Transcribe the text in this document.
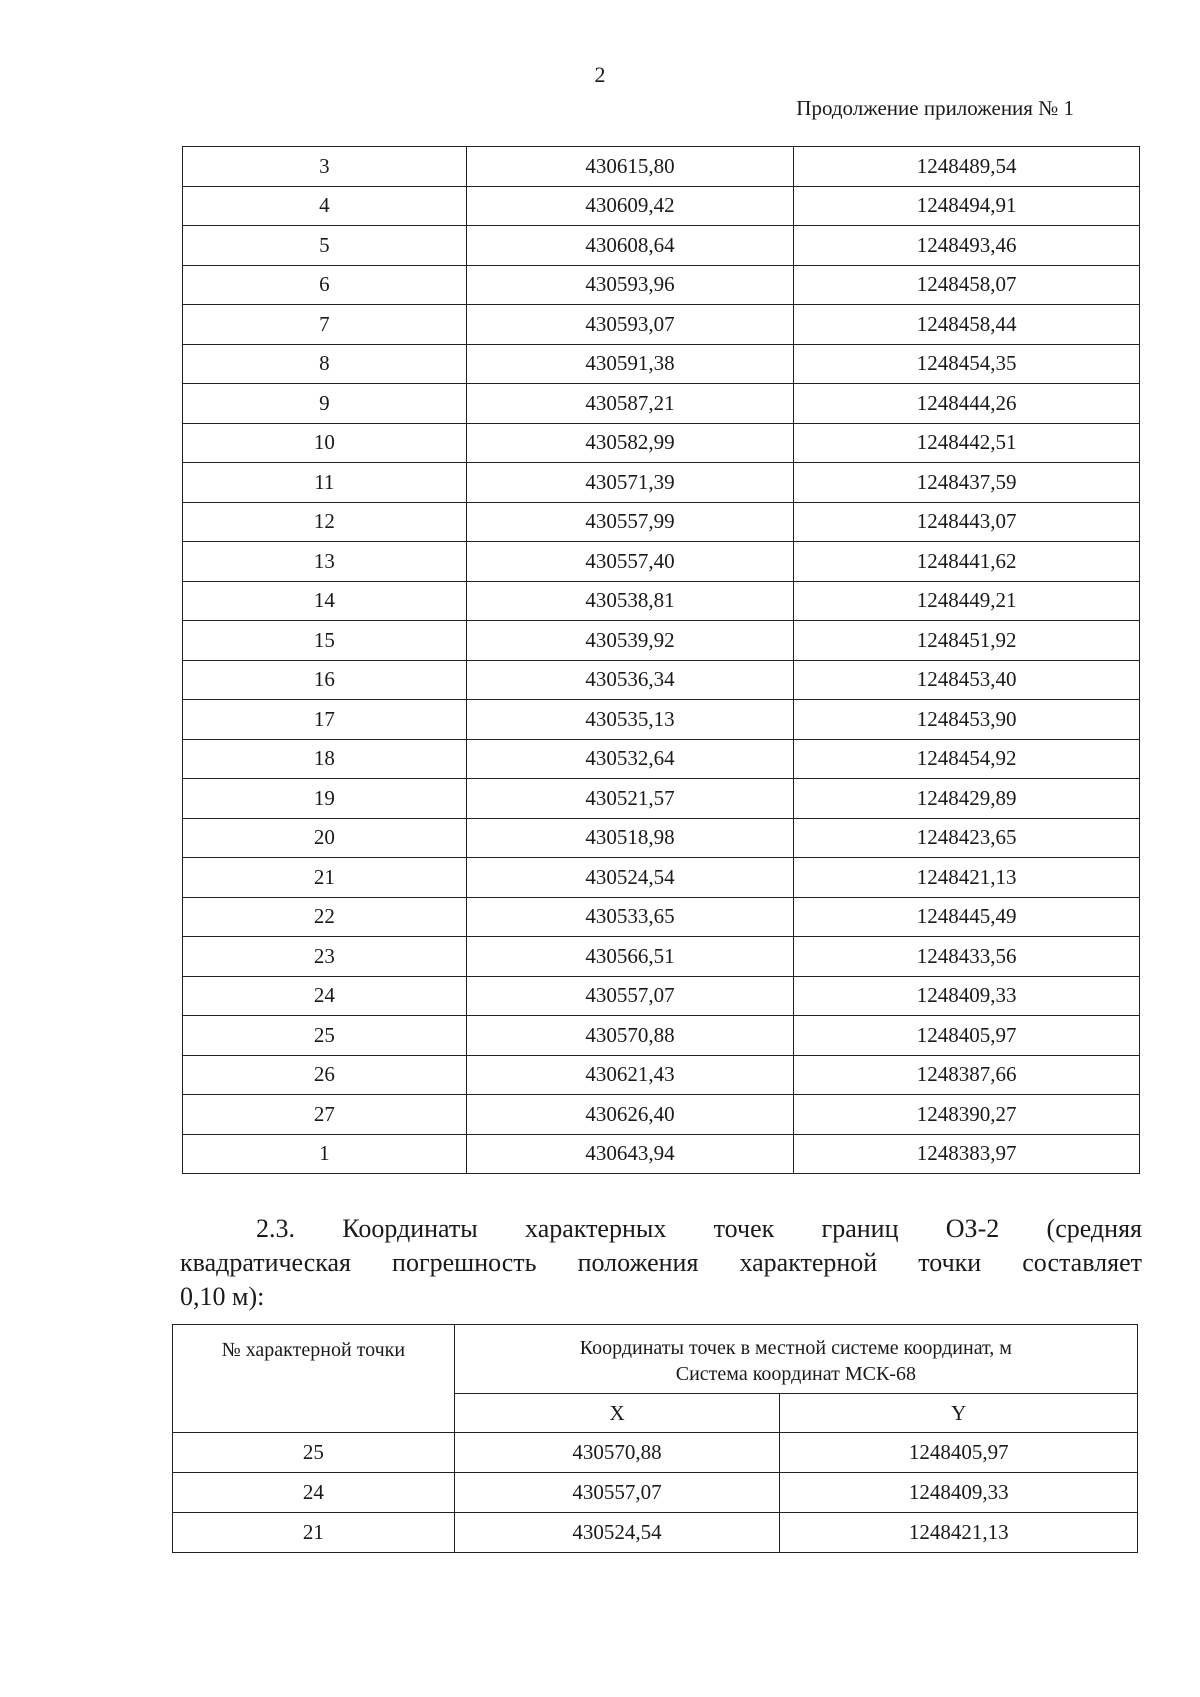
2
Продолжение приложения № 1
3	430615,80	1248489,54
4	430609,42	1248494,91
5	430608,64	1248493,46
6	430593,96	1248458,07
7	430593,07	1248458,44
8	430591,38	1248454,35
9	430587,21	1248444,26
10	430582,99	1248442,51
11	430571,39	1248437,59
12	430557,99	1248443,07
13	430557,40	1248441,62
14	430538,81	1248449,21
15	430539,92	1248451,92
16	430536,34	1248453,40
17	430535,13	1248453,90
18	430532,64	1248454,92
19	430521,57	1248429,89
20	430518,98	1248423,65
21	430524,54	1248421,13
22	430533,65	1248445,49
23	430566,51	1248433,56
24	430557,07	1248409,33
25	430570,88	1248405,97
26	430621,43	1248387,66
27	430626,40	1248390,27
1	430643,94	1248383,97
2.3. Координаты характерных точек границ ОЗ-2 (средняя
квадратическая погрешность положения характерной точки составляет
0,10 м):
№ характерной точки	Координаты точек в местной системе координат, м
Система координат МСК-68	
	X	Y
25	430570,88	1248405,97
24	430557,07	1248409,33
21	430524,54	1248421,13
